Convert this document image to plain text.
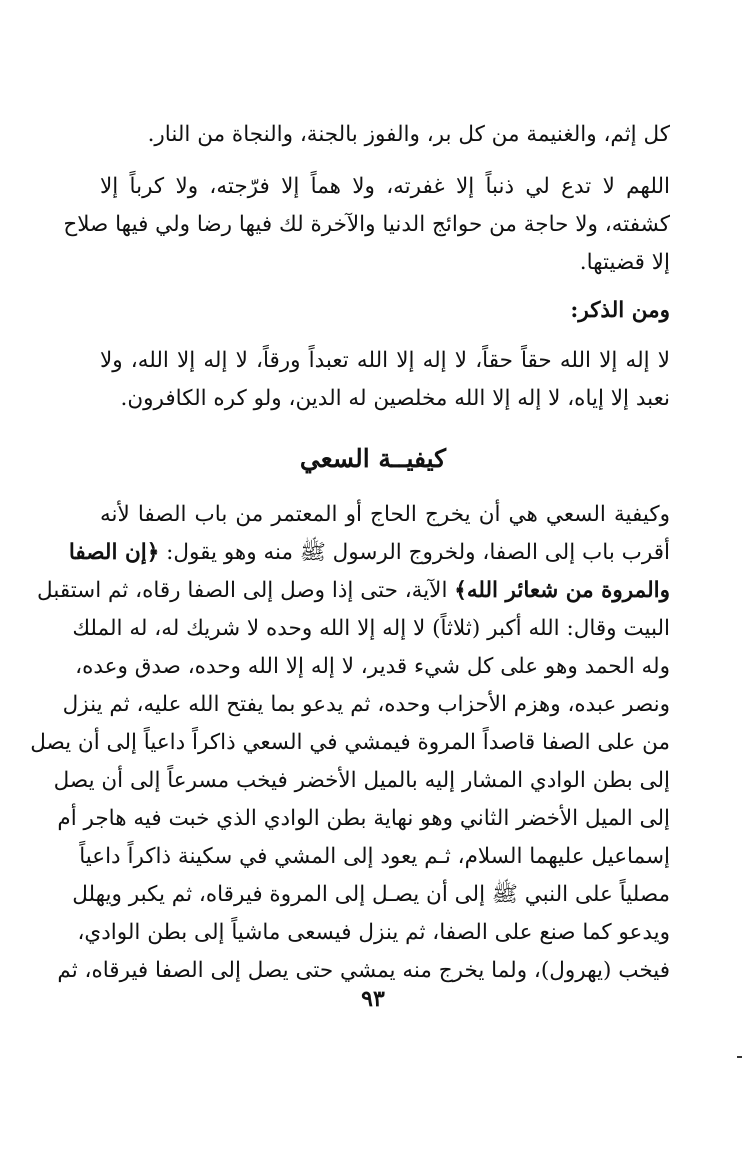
كل إثم، والغنيمة من كل بر، والفوز بالجنة، والنجاة من النار.
اللهم لا تدع لي ذنباً إلا غفرته، ولا هماً إلا فرّجته، ولا كرباً إلا
كشفته، ولا حاجة من حوائج الدنيا والآخرة لك فيها رضا ولي فيها صلاح
إلا قضيتها.
ومن الذكر:
لا إله إلا الله حقاً حقاً، لا إله إلا الله تعبداً ورقاً، لا إله إلا الله، ولا
نعبد إلا إياه، لا إله إلا الله مخلصين له الدين، ولو كره الكافرون.
كيفيــة السعي
وكيفية السعي هي أن يخرج الحاج أو المعتمر من باب الصفا لأنه
أقرب باب إلى الصفا، ولخروج الرسول ﷺ منه وهو يقول: ﴿إن الصفا
والمروة من شعائر الله﴾ الآية، حتى إذا وصل إلى الصفا رقاه، ثم استقبل
البيت وقال: الله أكبر (ثلاثاً) لا إله إلا الله وحده لا شريك له، له الملك
وله الحمد وهو على كل شيء قدير، لا إله إلا الله وحده، صدق وعده،
ونصر عبده، وهزم الأحزاب وحده، ثم يدعو بما يفتح الله عليه، ثم ينزل
من على الصفا قاصداً المروة فيمشي في السعي ذاكراً داعياً إلى أن يصل
إلى بطن الوادي المشار إليه بالميل الأخضر فيخب مسرعاً إلى أن يصل
إلى الميل الأخضر الثاني وهو نهاية بطن الوادي الذي خبت فيه هاجر أم
إسماعيل عليهما السلام، ثـم يعود إلى المشي في سكينة ذاكراً داعياً
مصلياً على النبي ﷺ إلى أن يصـل إلى المروة فيرقاه، ثم يكبر ويهلل
ويدعو كما صنع على الصفا، ثم ينزل فيسعى ماشياً إلى بطن الوادي،
فيخب (يهرول)، ولما يخرج منه يمشي حتى يصل إلى الصفا فيرقاه، ثم
٩٣
